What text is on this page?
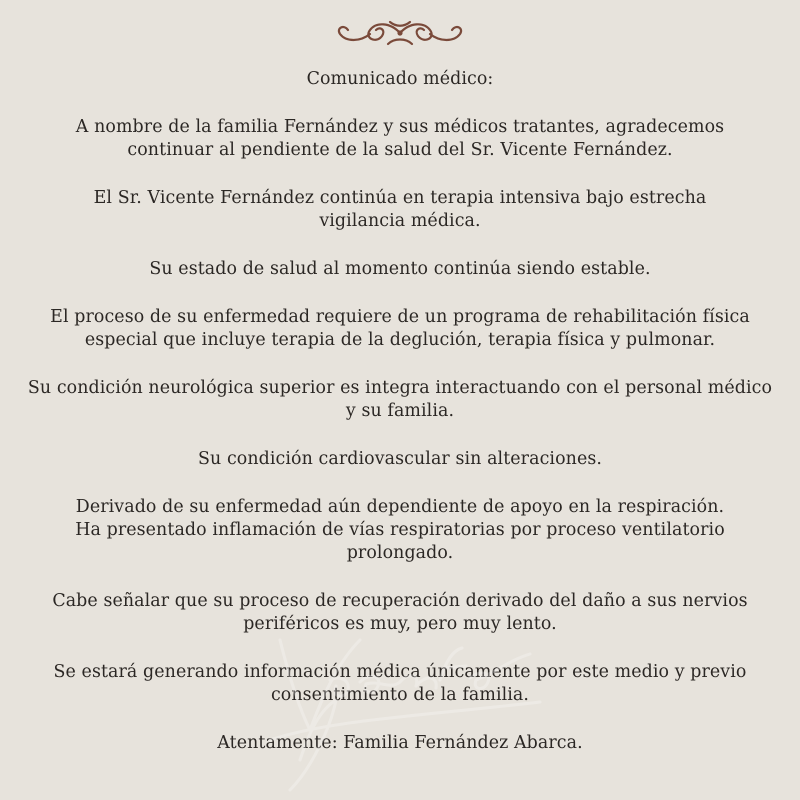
Comunicado médico:

A nombre de la familia Fernández y sus médicos tratantes, agradecemos
continuar al pendiente de la salud del Sr. Vicente Fernández.
El Sr. Vicente Fernández continúa en terapia intensiva bajo estrecha
vigilancia médica.
Su estado de salud al momento continúa siendo estable.
El proceso de su enfermedad requiere de un programa de rehabilitación física
especial que incluye terapia de la deglución, terapia física y pulmonar.
Su condición neurológica superior es integra interactuando con el personal médico
y su familia.
Su condición cardiovascular sin alteraciones.
Derivado de su enfermedad aún dependiente de apoyo en la respiración.
Ha presentado inflamación de vías respiratorias por proceso ventilatorio
prolongado.
Cabe señalar que su proceso de recuperación derivado del daño a sus nervios
periféricos es muy, pero muy lento.
Se estará generando información médica únicamente por este medio y previo
consentimiento de la familia.

Atentamente: Familia Fernández Abarca.
